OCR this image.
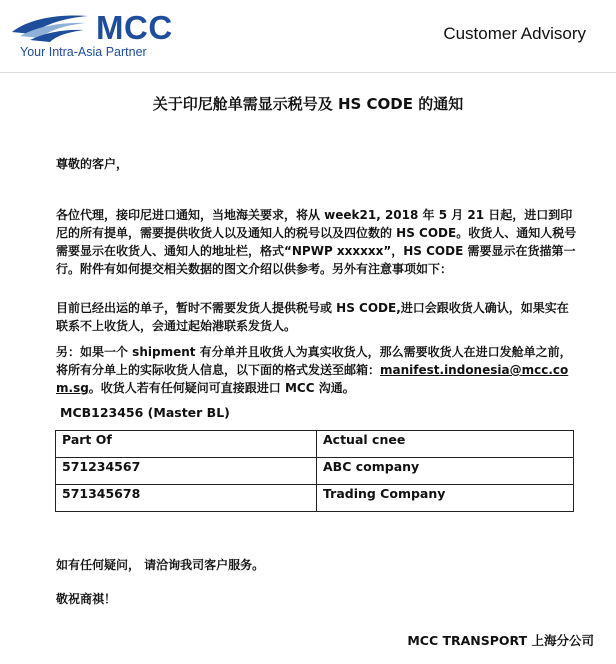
MCC
Your Intra-Asia Partner
Customer Advisory
关于印尼舱单需显示税号及 HS CODE 的通知

尊敬的客户，

各位代理，接印尼进口通知，当地海关要求，将从 week21, 2018 年 5 月 21 日起，进口到印尼的所有提单，需要提供收货人以及通知人的税号以及四位数的 HS CODE。收货人、通知人税号需要显示在收货人、通知人的地址栏，格式“NPWP xxxxxx”，HS CODE 需要显示在货描第一行。附件有如何提交相关数据的图文介绍以供参考。另外有注意事项如下：

目前已经出运的单子，暂时不需要发货人提供税号或 HS CODE,进口会跟收货人确认，如果实在联系不上收货人，会通过起始港联系发货人。

另：如果一个 shipment 有分单并且收货人为真实收货人，那么需要收货人在进口发舱单之前，将所有分单上的实际收货人信息，以下面的格式发送至邮箱：manifest.indonesia@mcc.com.sg。收货人若有任何疑问可直接跟进口 MCC 沟通。

MCB123456 (Master BL)
Part Of	Actual cnee
571234567	ABC company
571345678	Trading Company
如有任何疑问， 请洽询我司客户服务。
敬祝商祺！
MCC TRANSPORT 上海分公司
